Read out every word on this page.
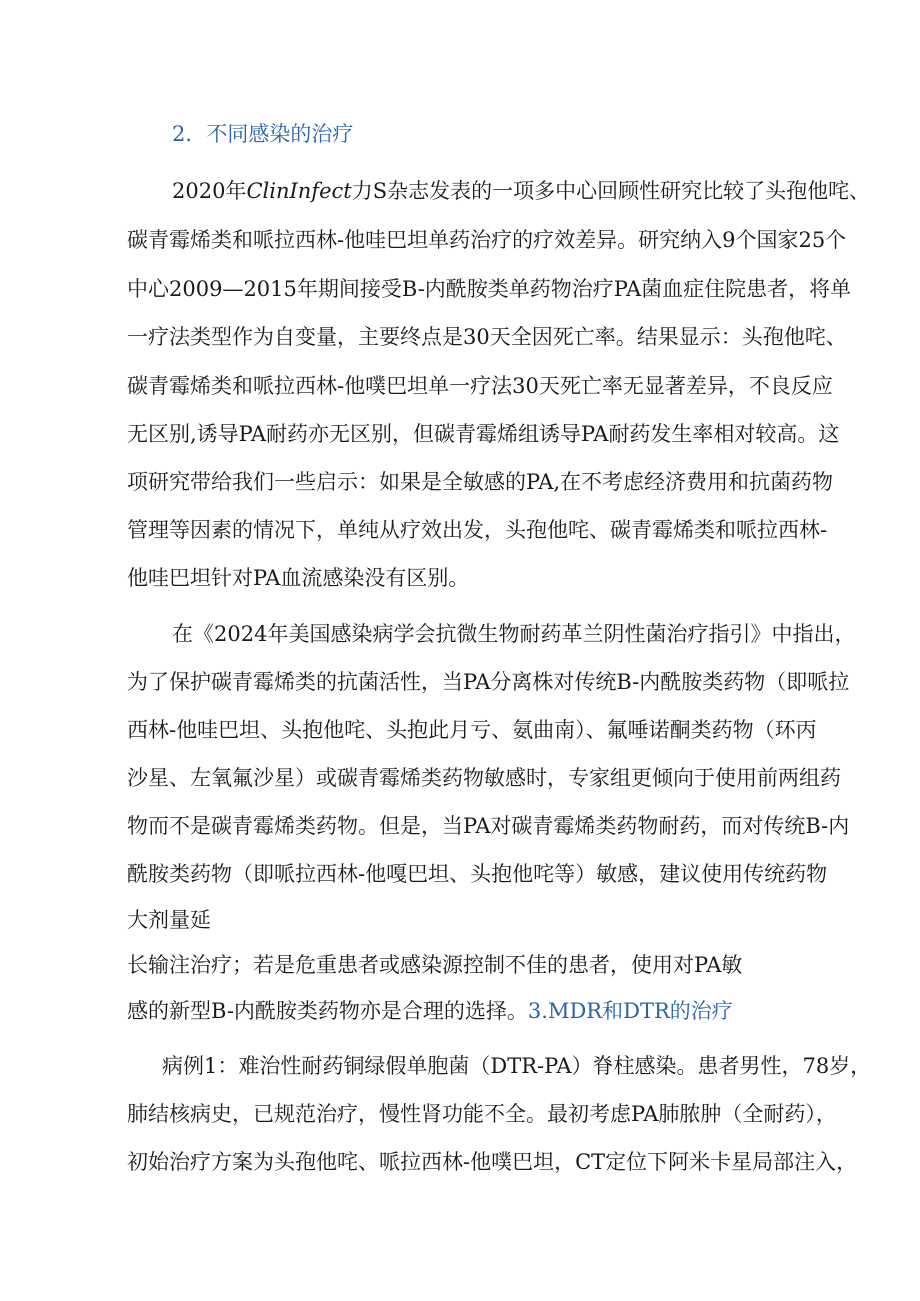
2．不同感染的治疗
2020年ClinInfect力S杂志发表的一项多中心回顾性研究比较了头孢他咤、
碳青霉烯类和哌拉西林-他哇巴坦单药治疗的疗效差异。研究纳入9个国家25个
中心2009—2015年期间接受B-内酰胺类单药物治疗PA菌血症住院患者，将单
一疗法类型作为自变量，主要终点是30天全因死亡率。结果显示：头孢他咤、
碳青霉烯类和哌拉西林-他噗巴坦单一疗法30天死亡率无显著差异，不良反应
无区别,诱导PA耐药亦无区别，但碳青霉烯组诱导PA耐药发生率相对较高。这
项研究带给我们一些启示：如果是全敏感的PA,在不考虑经济费用和抗菌药物
管理等因素的情况下，单纯从疗效出发，头孢他咤、碳青霉烯类和哌拉西林-
他哇巴坦针对PA血流感染没有区别。
在《2024年美国感染病学会抗微生物耐药革兰阴性菌治疗指引》中指出，
为了保护碳青霉烯类的抗菌活性，当PA分离株对传统B-内酰胺类药物（即哌拉
西林-他哇巴坦、头抱他咤、头抱此月亏、氨曲南）、氟唾诺酮类药物（环丙
沙星、左氧氟沙星）或碳青霉烯类药物敏感时，专家组更倾向于使用前两组药
物而不是碳青霉烯类药物。但是，当PA对碳青霉烯类药物耐药，而对传统B-内
酰胺类药物（即哌拉西林-他嘎巴坦、头抱他咤等）敏感，建议使用传统药物
大剂量延
长输注治疗；若是危重患者或感染源控制不佳的患者，使用对PA敏
感的新型B-内酰胺类药物亦是合理的选择。3.MDR和DTR的治疗
病例1：难治性耐药铜绿假单胞菌（DTR-PA）脊柱感染。患者男性，78岁，
肺结核病史，已规范治疗，慢性肾功能不全。最初考虑PA肺脓肿（全耐药），
初始治疗方案为头孢他咤、哌拉西林-他噗巴坦，CT定位下阿米卡星局部注入，
